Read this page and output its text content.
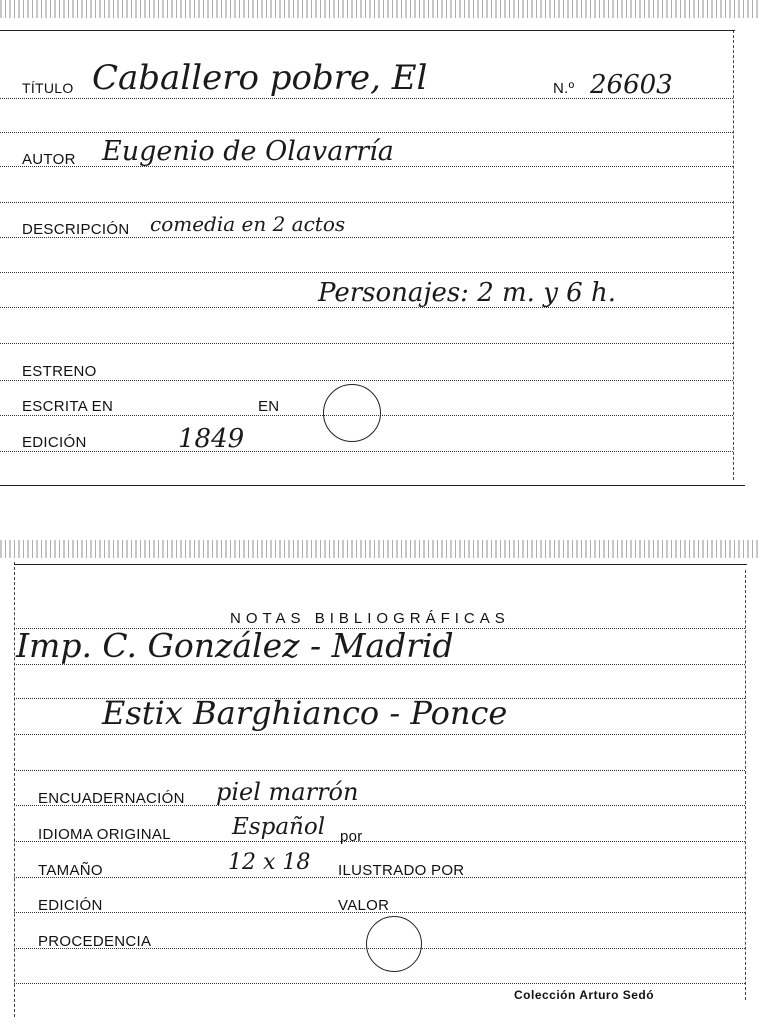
TÍTULO Caballero pobre, El	N.º 26603
AUTOR Eugenio de Olavarría
DESCRIPCIÓN comedia en 2 actos
Personajes: 2 m. y 6 h.
ESTRENO
ESCRITA EN	EN
EDICIÓN	1849
NOTAS BIBLIOGRÁFICAS
Imp. C. González - Madrid
Estix Barghianco - Ponce
ENCUADERNACIÓN piel marrón
IDIOMA ORIGINAL	Español por
TAMAÑO	12 x 18 ILUSTRADO POR
EDICIÓN	VALOR
PROCEDENCIA
Colección Arturo Sedó
